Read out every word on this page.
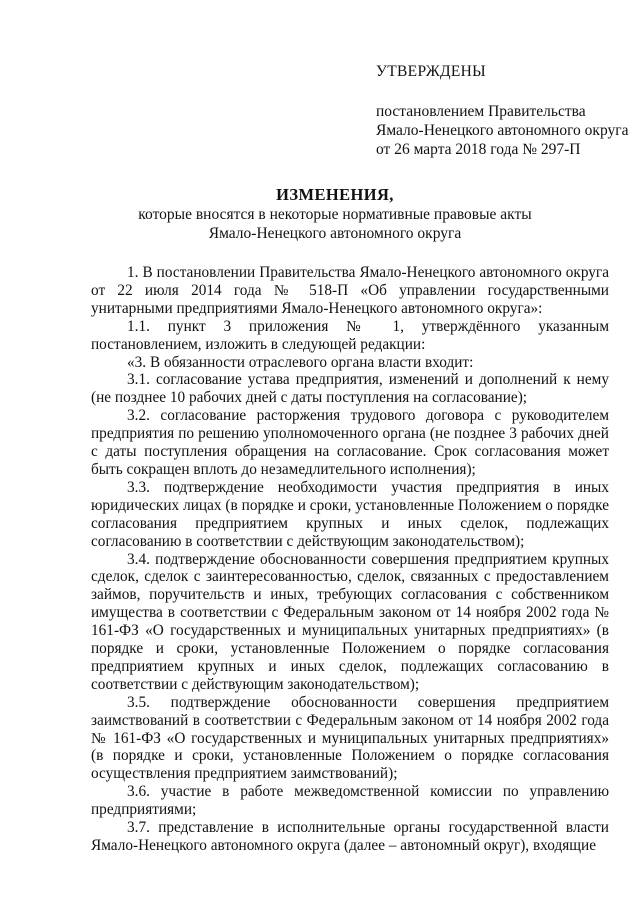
УТВЕРЖДЕНЫ
постановлением Правительства
Ямало-Ненецкого автономного округа
от 26 марта 2018 года № 297-П
ИЗМЕНЕНИЯ,
которые вносятся в некоторые нормативные правовые акты
Ямало-Ненецкого автономного округа

1. В постановлении Правительства Ямало-Ненецкого автономного округа от 22 июля 2014 года № 518-П «Об управлении государственными унитарными предприятиями Ямало-Ненецкого автономного округа»:

1.1. пункт 3 приложения № 1, утверждённого указанным постановлением, изложить в следующей редакции:

«3. В обязанности отраслевого органа власти входит:

3.1. согласование устава предприятия, изменений и дополнений к нему (не позднее 10 рабочих дней с даты поступления на согласование);

3.2. согласование расторжения трудового договора с руководителем предприятия по решению уполномоченного органа (не позднее 3 рабочих дней с даты поступления обращения на согласование. Срок согласования может быть сокращен вплоть до незамедлительного исполнения);

3.3. подтверждение необходимости участия предприятия в иных юридических лицах (в порядке и сроки, установленные Положением о порядке согласования предприятием крупных и иных сделок, подлежащих согласованию в соответствии с действующим законодательством);

3.4. подтверждение обоснованности совершения предприятием крупных сделок, сделок с заинтересованностью, сделок, связанных с предоставлением займов, поручительств и иных, требующих согласования с собственником имущества в соответствии с Федеральным законом от 14 ноября 2002 года № 161-ФЗ «О государственных и муниципальных унитарных предприятиях» (в порядке и сроки, установленные Положением о порядке согласования предприятием крупных и иных сделок, подлежащих согласованию в соответствии с действующим законодательством);

3.5. подтверждение обоснованности совершения предприятием заимствований в соответствии с Федеральным законом от 14 ноября 2002 года № 161-ФЗ «О государственных и муниципальных унитарных предприятиях» (в порядке и сроки, установленные Положением о порядке согласования осуществления предприятием заимствований);

3.6. участие в работе межведомственной комиссии по управлению предприятиями;

3.7. представление в исполнительные органы государственной власти Ямало-Ненецкого автономного округа (далее – автономный округ), входящие
